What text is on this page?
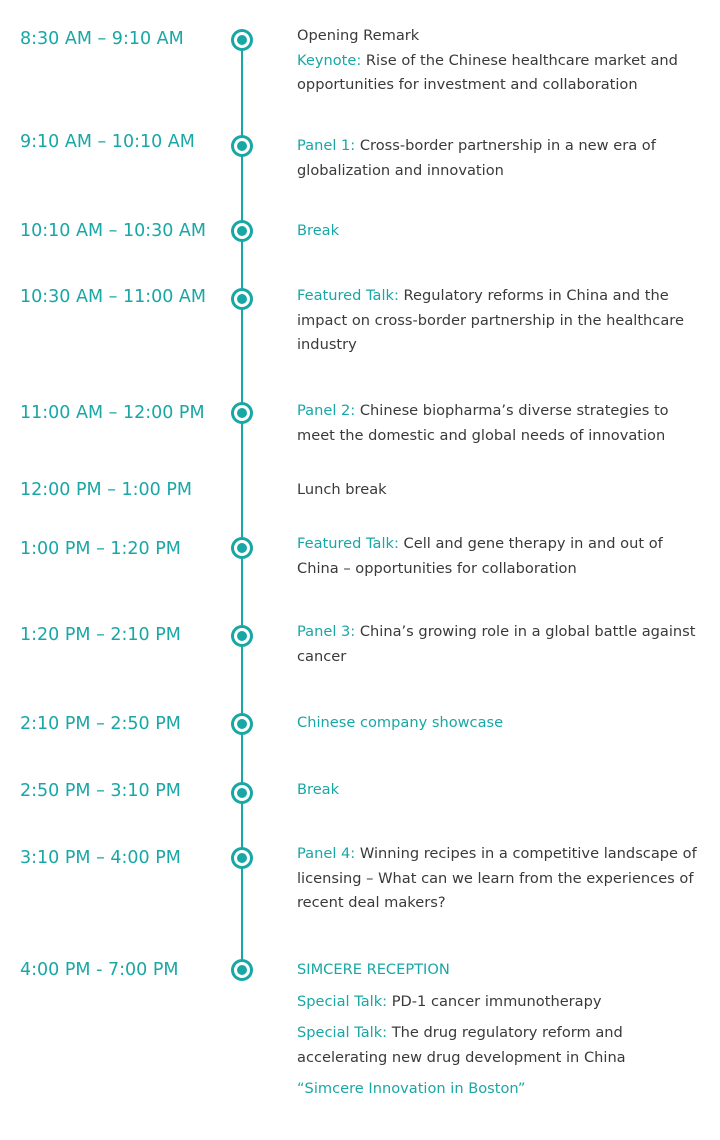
8:30 AM – 9:10 AM	Opening Remark
Keynote: Rise of the Chinese healthcare market and opportunities for investment and collaboration
9:10 AM – 10:10 AM	Panel 1: Cross-border partnership in a new era of globalization and innovation
10:10 AM – 10:30 AM	Break
10:30 AM – 11:00 AM	Featured Talk: Regulatory reforms in China and the impact on cross-border partnership in the healthcare industry
11:00 AM – 12:00 PM	Panel 2: Chinese biopharma’s diverse strategies to meet the domestic and global needs of innovation
12:00 PM – 1:00 PM	Lunch break
1:00 PM – 1:20 PM	Featured Talk: Cell and gene therapy in and out of China – opportunities for collaboration
1:20 PM – 2:10 PM	Panel 3: China’s growing role in a global battle against cancer
2:10 PM – 2:50 PM	Chinese company showcase
2:50 PM – 3:10 PM	Break
3:10 PM – 4:00 PM	Panel 4: Winning recipes in a competitive landscape of licensing – What can we learn from the experiences of recent deal makers?
4:00 PM - 7:00 PM	SIMCERE RECEPTION
Special Talk: PD-1 cancer immunotherapy
Special Talk: The drug regulatory reform and accelerating new drug development in China
“Simcere Innovation in Boston”
